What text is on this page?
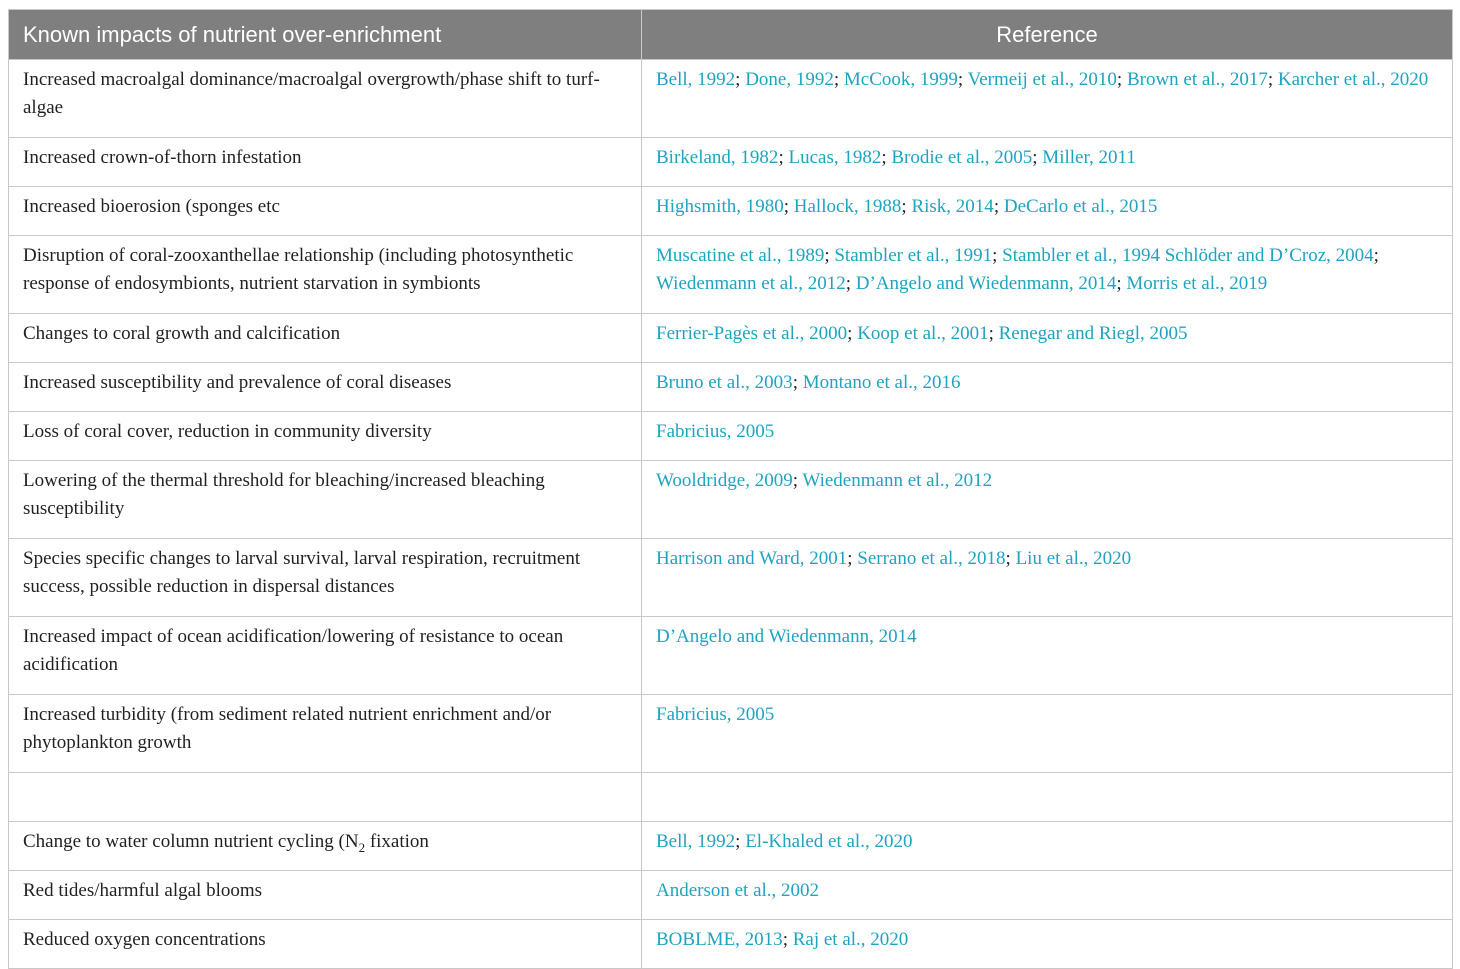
Known impacts of nutrient over-enrichment	Reference
Increased macroalgal dominance/macroalgal overgrowth/phase shift to turf-algae	Bell, 1992; Done, 1992; McCook, 1999; Vermeij et al., 2010; Brown et al., 2017; Karcher et al., 2020
Increased crown-of-thorn infestation	Birkeland, 1982; Lucas, 1982; Brodie et al., 2005; Miller, 2011
Increased bioerosion (sponges etc	Highsmith, 1980; Hallock, 1988; Risk, 2014; DeCarlo et al., 2015
Disruption of coral-zooxanthellae relationship (including photosynthetic response of endosymbionts, nutrient starvation in symbionts	Muscatine et al., 1989; Stambler et al., 1991; Stambler et al., 1994 Schlöder and D’Croz, 2004; Wiedenmann et al., 2012; D’Angelo and Wiedenmann, 2014; Morris et al., 2019
Changes to coral growth and calcification	Ferrier-Pagès et al., 2000; Koop et al., 2001; Renegar and Riegl, 2005
Increased susceptibility and prevalence of coral diseases	Bruno et al., 2003; Montano et al., 2016
Loss of coral cover, reduction in community diversity	Fabricius, 2005
Lowering of the thermal threshold for bleaching/increased bleaching susceptibility	Wooldridge, 2009; Wiedenmann et al., 2012
Species specific changes to larval survival, larval respiration, recruitment success, possible reduction in dispersal distances	Harrison and Ward, 2001; Serrano et al., 2018; Liu et al., 2020
Increased impact of ocean acidification/lowering of resistance to ocean acidification	D’Angelo and Wiedenmann, 2014
Increased turbidity (from sediment related nutrient enrichment and/or phytoplankton growth	Fabricius, 2005

Change to water column nutrient cycling ($N_2$ fixation	Bell, 1992; El-Khaled et al., 2020
Red tides/harmful algal blooms	Anderson et al., 2002
Reduced oxygen concentrations	BOBLME, 2013; Raj et al., 2020
